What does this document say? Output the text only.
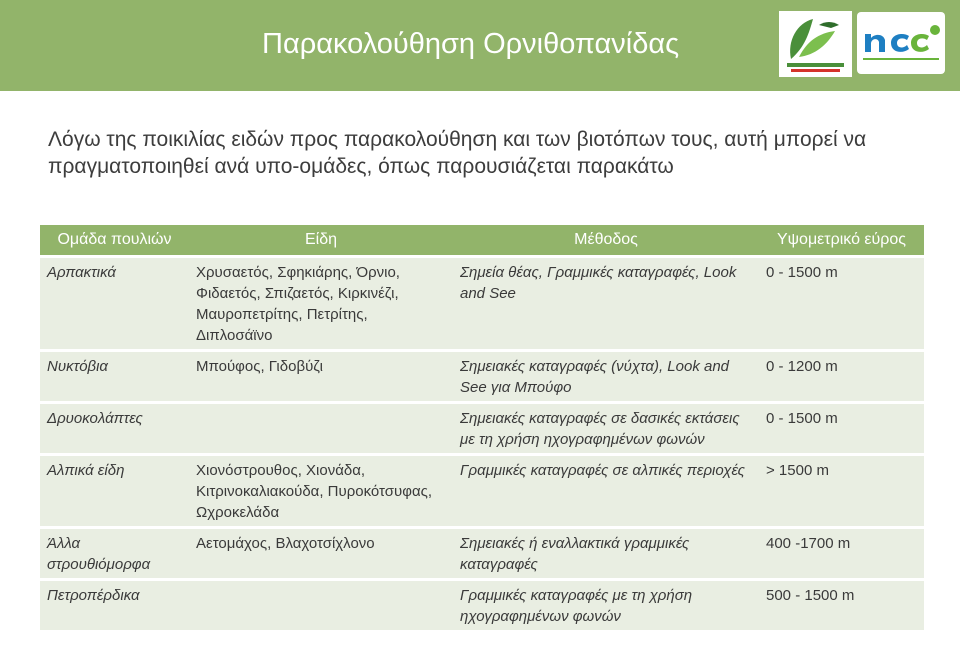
Παρακολούθηση Ορνιθοπανίδας
Λόγω της ποικιλίας ειδών προς παρακολούθηση και των βιοτόπων τους, αυτή μπορεί να πραγματοποιηθεί ανά υπο-ομάδες, όπως παρουσιάζεται παρακάτω
Ομάδα πουλιών	Είδη	Μέθοδος	Υψομετρικό εύρος
Αρπακτικά	Χρυσαετός, Σφηκιάρης, Όρνιο, Φιδαετός, Σπιζαετός, Κιρκινέζι, Μαυροπετρίτης, Πετρίτης, Διπλοσάϊνο	Σημεία θέας, Γραμμικές καταγραφές, Look and See	0 - 1500 m
Νυκτόβια	Μπούφος, Γιδοβύζι	Σημειακές καταγραφές (νύχτα), Look and See για Μπούφο	0 - 1200 m
Δρυοκολάπτες		Σημειακές καταγραφές σε δασικές εκτάσεις με τη χρήση ηχογραφημένων φωνών	0 - 1500 m
Αλπικά είδη	Χιονόστρουθος, Χιονάδα, Κιτρινοκαλιακούδα, Πυροκότσυφας, Ωχροκελάδα	Γραμμικές καταγραφές σε αλπικές περιοχές	> 1500 m
Άλλα στρουθιόμορφα	Αετομάχος, Βλαχοτσίχλονο	Σημειακές ή εναλλακτικά γραμμικές καταγραφές	400 -1700 m
Πετροπέρδικα		Γραμμικές καταγραφές με τη χρήση ηχογραφημένων φωνών	500 - 1500 m
